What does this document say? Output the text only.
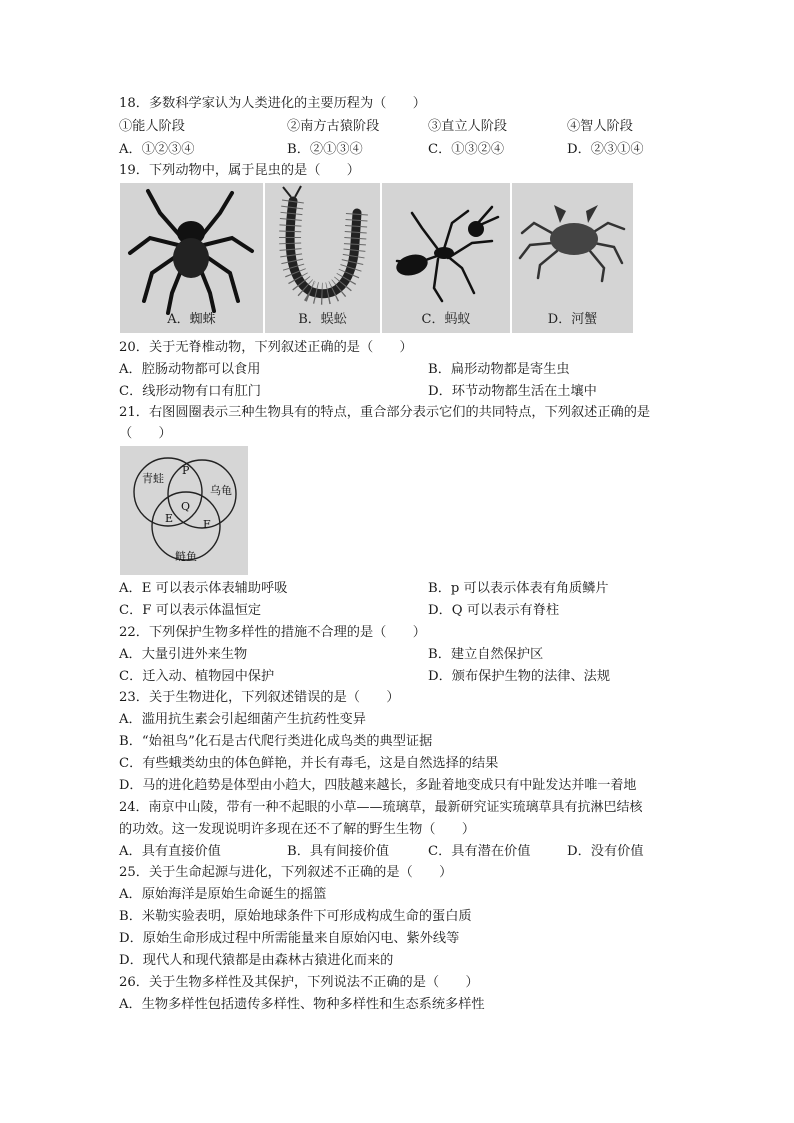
18．多数科学家认为人类进化的主要历程为（　　）
①能人阶段	②南方古猿阶段	③直立人阶段	④智人阶段
A．①②③④	B．②①③④	C．①③②④	D．②③①④
19．下列动物中，属于昆虫的是（　　）
A．蜘蛛	B．蜈蚣	C．蚂蚁	D．河蟹
20．关于无脊椎动物，下列叙述正确的是（　　）
A．腔肠动物都可以食用	B．扁形动物都是寄生虫
C．线形动物有口有肛门	D．环节动物都生活在土壤中
21．右图圆圈表示三种生物具有的特点，重合部分表示它们的共同特点，下列叙述正确的是
（　　）
青蛙
乌龟
鲢鱼
P
Q
E	F
A．E 可以表示体表辅助呼吸	B．p 可以表示体表有角质鳞片
C．F 可以表示体温恒定	D．Q 可以表示有脊柱
22．下列保护生物多样性的措施不合理的是（　　）
A．大量引进外来生物	B．建立自然保护区
C．迁入动、植物园中保护	D．颁布保护生物的法律、法规
23．关于生物进化，下列叙述错误的是（　　）
A．滥用抗生素会引起细菌产生抗药性变异
B．“始祖鸟”化石是古代爬行类进化成鸟类的典型证据
C．有些蛾类幼虫的体色鲜艳，并长有毒毛，这是自然选择的结果
D．马的进化趋势是体型由小趋大，四肢越来越长，多趾着地变成只有中趾发达并唯一着地
24．南京中山陵，带有一种不起眼的小草——琉璃草，最新研究证实琉璃草具有抗淋巴结核
的功效。这一发现说明许多现在还不了解的野生生物（　　）
A．具有直接价值	B．具有间接价值	C．具有潜在价值	D．没有价值
25．关于生命起源与进化，下列叙述不正确的是（　　）
A．原始海洋是原始生命诞生的摇篮
B．米勒实验表明，原始地球条件下可形成构成生命的蛋白质
D．原始生命形成过程中所需能量来自原始闪电、紫外线等
D．现代人和现代猿都是由森林古猿进化而来的
26．关于生物多样性及其保护，下列说法不正确的是（　　）
A．生物多样性包括遗传多样性、物种多样性和生态系统多样性
